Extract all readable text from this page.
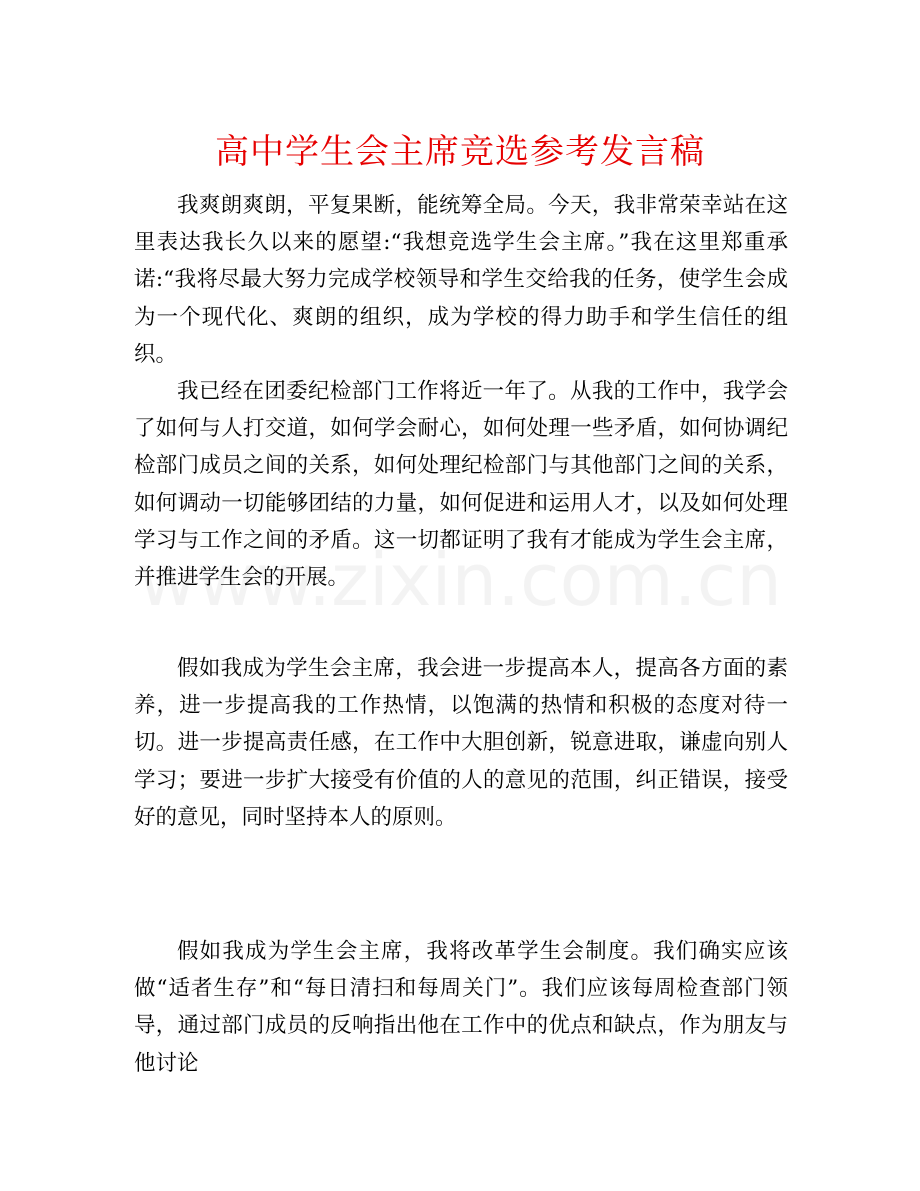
高中学生会主席竞选参考发言稿

我爽朗爽朗，平复果断，能统筹全局。今天，我非常荣幸站在这里表达我长久以来的愿望:“我想竞选学生会主席。”我在这里郑重承诺:“我将尽最大努力完成学校领导和学生交给我的任务，使学生会成为一个现代化、爽朗的组织，成为学校的得力助手和学生信任的组织。

我已经在团委纪检部门工作将近一年了。从我的工作中，我学会了如何与人打交道，如何学会耐心，如何处理一些矛盾，如何协调纪检部门成员之间的关系，如何处理纪检部门与其他部门之间的关系，如何调动一切能够团结的力量，如何促进和运用人才，以及如何处理学习与工作之间的矛盾。这一切都证明了我有才能成为学生会主席，并推进学生会的开展。

假如我成为学生会主席，我会进一步提高本人，提高各方面的素养，进一步提高我的工作热情，以饱满的热情和积极的态度对待一切。进一步提高责任感，在工作中大胆创新，锐意进取，谦虚向别人学习；要进一步扩大接受有价值的人的意见的范围，纠正错误，接受好的意见，同时坚持本人的原则。

假如我成为学生会主席，我将改革学生会制度。我们确实应该做“适者生存”和“每日清扫和每周关门”。我们应该每周检查部门领导，通过部门成员的反响指出他在工作中的优点和缺点，作为朋友与他讨论
